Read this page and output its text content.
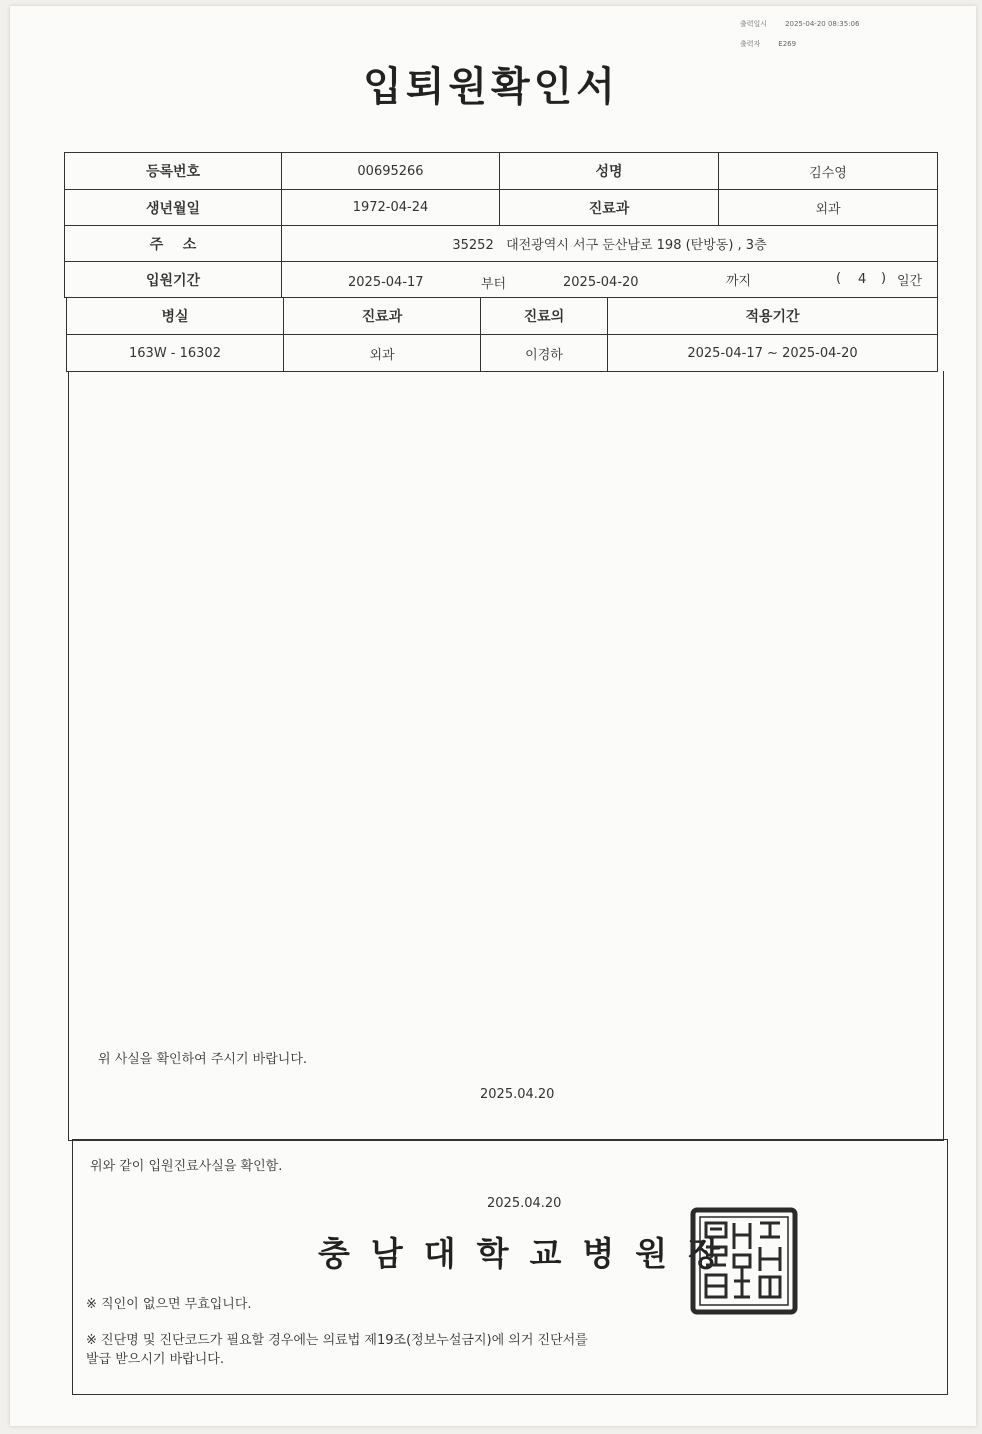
출력일시	2025-04-20 08:35:06
출력자	E269
입퇴원확인서
등록번호	00695266	성명	김수영
생년월일	1972-04-24	진료과	외과
주    소	35252   대전광역시 서구 둔산남로 198 (탄방동) , 3층
입원기간	2025-04-17	부터	2025-04-20	까지	( 4 ) 일간
병실	진료과	진료의	적용기간
163W - 16302	외과	이경하	2025-04-17 ~ 2025-04-20
위 사실을 확인하여 주시기 바랍니다.
2025.04.20
위와 같이 입원진료사실을 확인함.
2025.04.20
충남대학교병원장
※ 직인이 없으면 무효입니다.
※ 진단명 및 진단코드가 필요할 경우에는 의료법 제19조(정보누설금지)에 의거 진단서를
발급 받으시기 바랍니다.
